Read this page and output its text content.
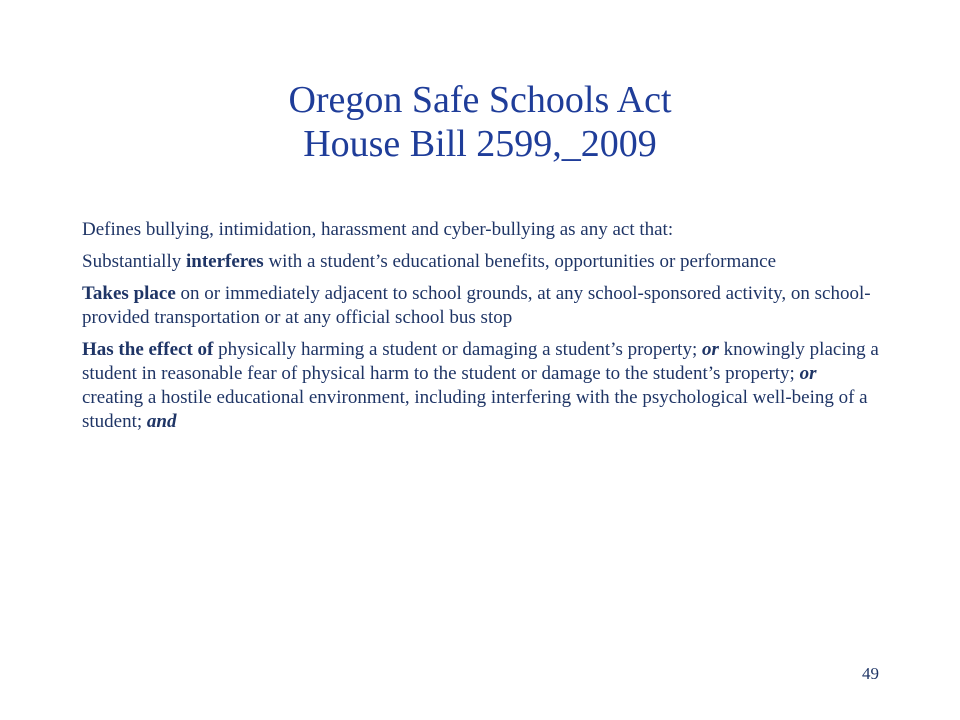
Oregon Safe Schools Act
House Bill 2599,_2009

Defines bullying, intimidation, harassment and cyber-bullying as any act that:

Substantially interferes with a student’s educational benefits, opportunities or performance

Takes place on or immediately adjacent to school grounds, at any school-sponsored activity, on school-provided transportation or at any official school bus stop

Has the effect of physically harming a student or damaging a student’s property; or knowingly placing a student in reasonable fear of physical harm to the student or damage to the student’s property; or creating a hostile educational environment, including interfering with the psychological well-being of a student; and

49
